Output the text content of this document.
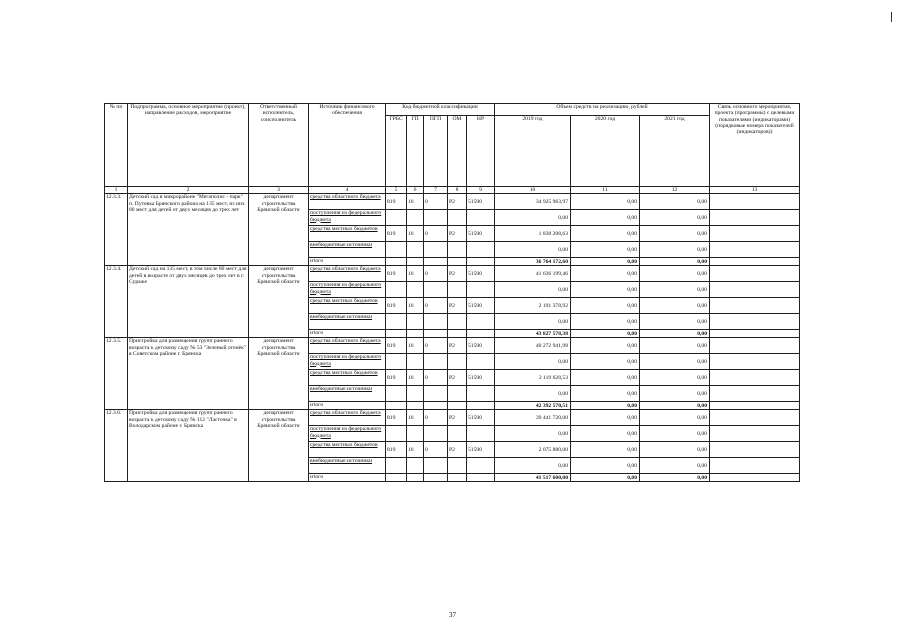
№ пп	Подпрограмма, основное мероприятие (проект), направление расходов, мероприятие	Ответственный исполнитель, соисполнитель	Источник финансового обеспечения	Код бюджетной классификации					Объем средств на реализацию, рублей			Связь основного мероприятия, проекта (программы) с целевыми показателями (индикаторами) (порядковые номера показателей (индикаторов))
				ГРБС	ГП	ПГП	ОМ	НР	2019 год	2020 год	2021 год	
1	2	3	4	5	6	7	8	9	10	11	12	13
12.3.3.	Детский сад в микрорайоне "Мегаполис - парк" п. Путевка Брянского района на 135 мест, из них 80 мест для детей от двух месяцев до трех лет	департамент строительства Брянской области	средства областного бюджета	819	16	0	Р2	51590	34 925 963,97	0,00	0,00	
			поступления из федерального бюджета						0,00	0,00	0,00	
			средства местных бюджетов	819	16	0	Р2	51590	1 838 208,63	0,00	0,00	
			внебюджетные источники						0,00	0,00	0,00	
			итого						36 764 172,60	0,00	0,00	
12.3.4.	Детский сад на 135 мест, в том числе 80 мест для детей в возрасте от двух месяцев до трех лет в г. Сураже	департамент строительства Брянской области	средства областного бюджета	819	16	0	Р2	51590	41 636 199,46	0,00	0,00	
			поступления из федерального бюджета						0,00	0,00	0,00	
			средства местных бюджетов	819	16	0	Р2	51590	2 191 378,92	0,00	0,00	
			внебюджетные источники						0,00	0,00	0,00	
			итого						43 827 578,38	0,00	0,00	
12.3.5.	Пристройка для размещения групп раннего возраста к детскому саду № 53 "Зеленый огонёк" в Советском районе г. Брянска	департамент строительства Брянской области	средства областного бюджета	819	16	0	Р2	51590	40 272 941,98	0,00	0,00	
			поступления из федерального бюджета						0,00	0,00	0,00	
			средства местных бюджетов	819	16	0	Р2	51590	2 119 628,53	0,00	0,00	
			внебюджетные источники						0,00	0,00	0,00	
			итого						42 392 570,51	0,00	0,00	
12.3.6.	Пристройка для размещения групп раннего возраста к детскому саду № 112 "Ласточка" в Володарском районе г. Брянска	департамент строительства Брянской области	средства областного бюджета	819	16	0	Р2	51590	39 441 720,00	0,00	0,00	
			поступления из федерального бюджета						0,00	0,00	0,00	
			средства местных бюджетов	819	16	0	Р2	51590	2 075 880,00	0,00	0,00	
			внебюджетные источники						0,00	0,00	0,00	
			итого						41 517 600,00	0,00	0,00	
37
